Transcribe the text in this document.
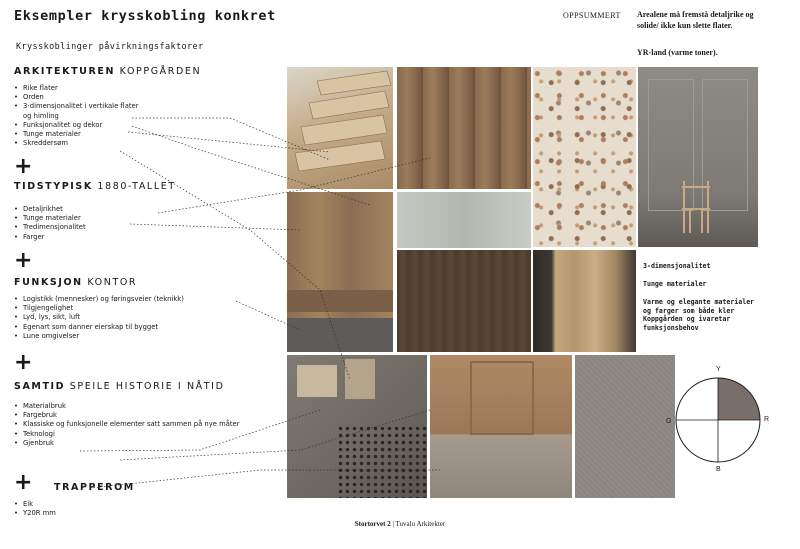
Eksempler krysskobling konkret
Krysskoblinger påvirkningsfaktorer
OPPSUMMERT Arealene må fremstå detaljrike og solide/ ikke kun slette flater.
YR-land (varme toner).
ARKITEKTUREN KOPPGÅRDEN
• Rike flater
• Orden
• 3-dimensjonalitet i vertikale flater og himling
• Funksjonalitet og dekor
• Tunge materialer
• Skreddersøm
+
TIDSTYPISK 1880-TALLET
• Detaljrikhet
• Tunge materialer
• Tredimensjonalitet
• Farger
+
FUNKSJON KONTOR
• Logistikk (mennesker) og føringsveier (teknikk)
• Tilgjengelighet
• Lyd, lys, sikt, luft
• Egenart som danner eierskap til bygget
• Lune omgivelser
+
SAMTID SPEILE HISTORIE I NÅTID
• Materialbruk
• Fargebruk
• Klassiske og funksjonelle elementer satt sammen på nye måter
• Teknologi
• Gjenbruk
+ TRAPPEROM
• Eik
• Y20R mm
3-dimensjonalitet
Tunge materialer
Varme og elegante materialer og farger som både kler Koppgården og ivaretar funksjonsbehov
Y
R
B
G
Stortorvet 2 | Tuvalu Arkitekter
